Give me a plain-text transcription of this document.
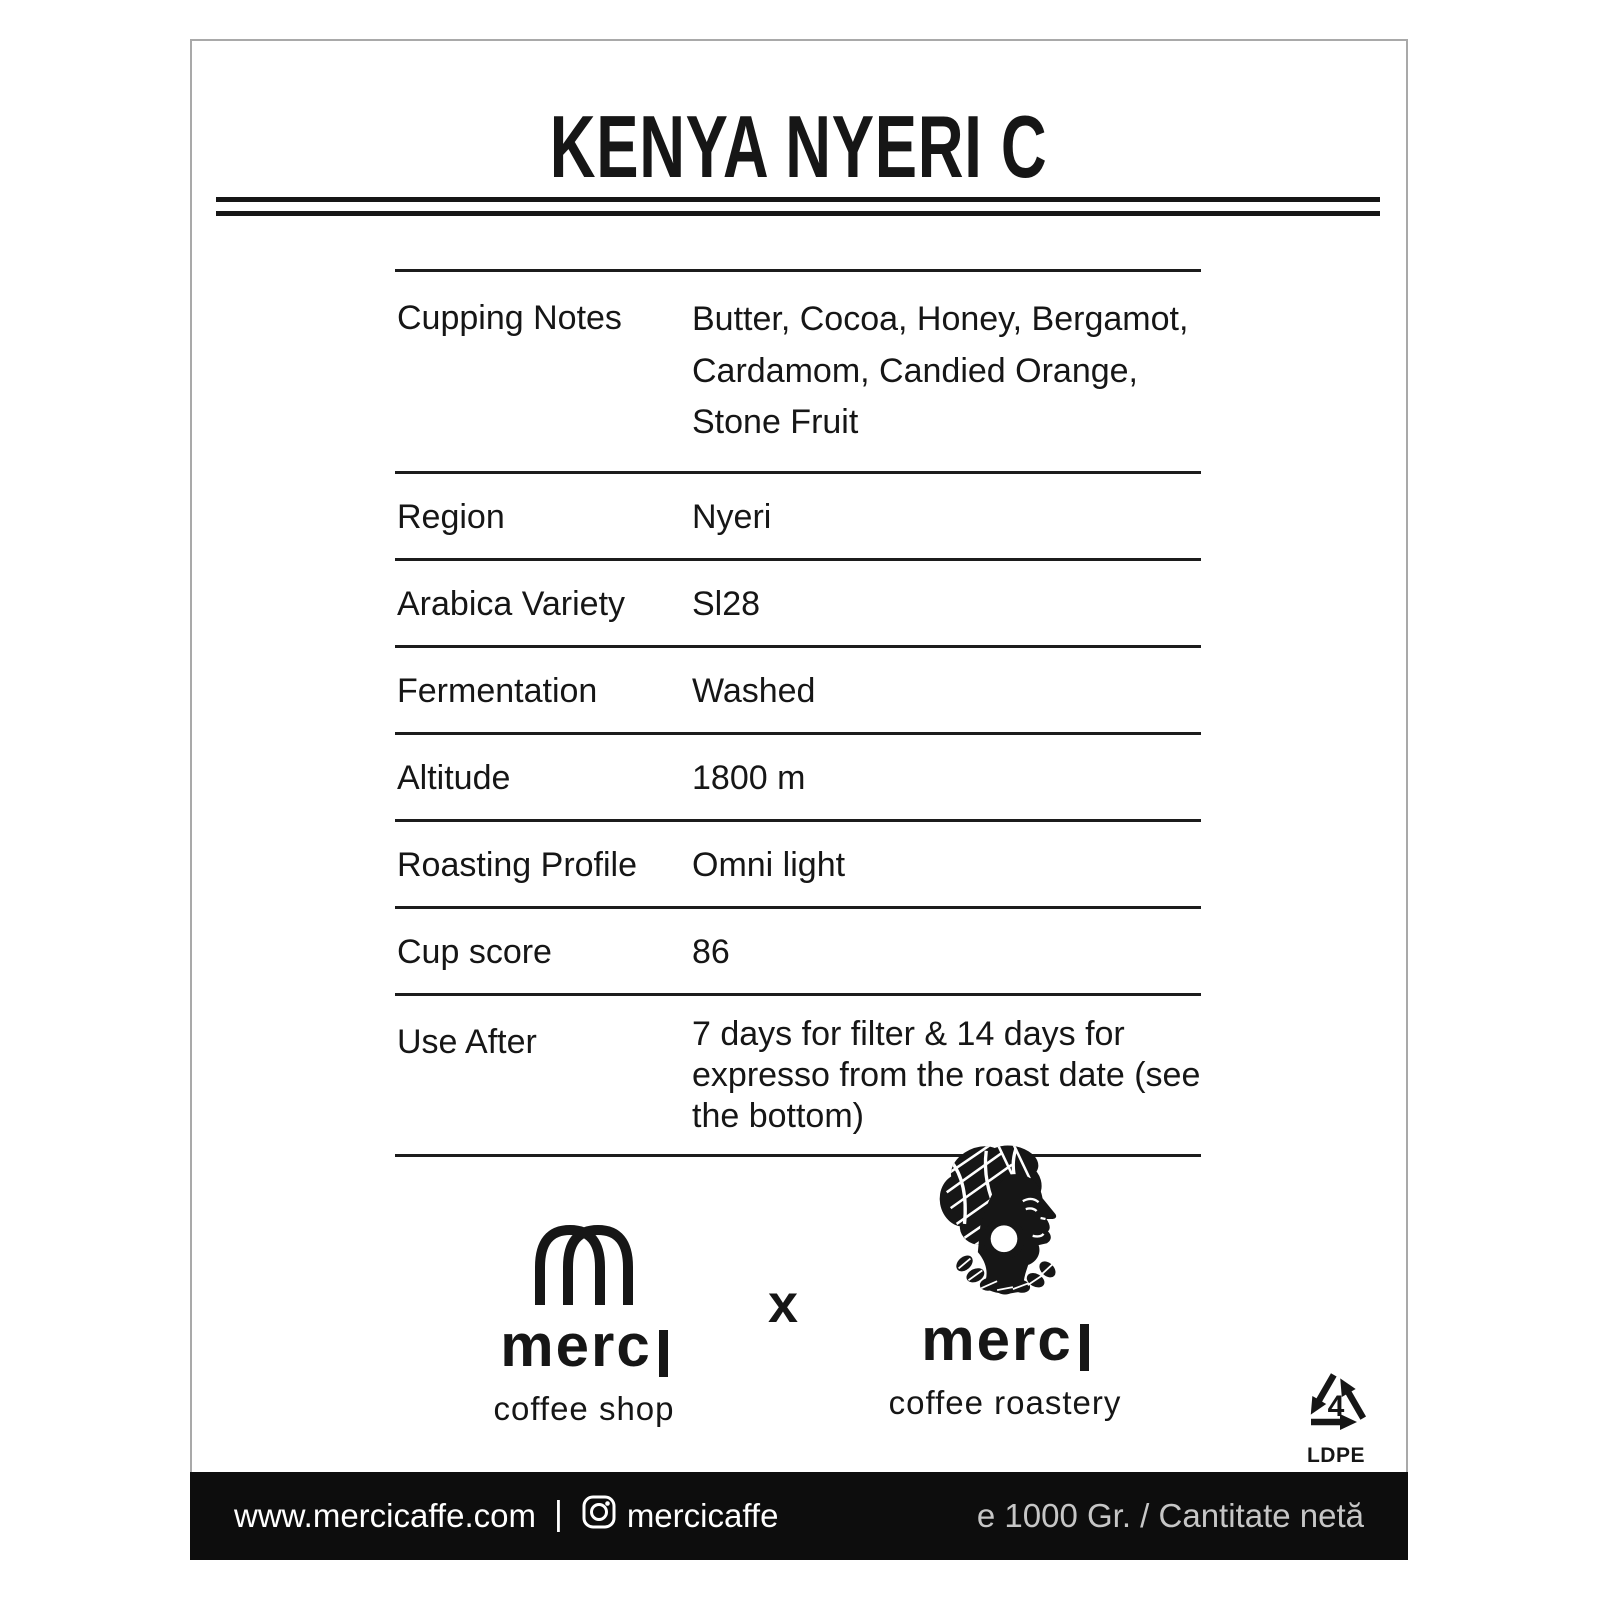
KENYA NYERI C
Cupping Notes	Butter, Cocoa, Honey, Bergamot, Cardamom, Candied Orange, Stone Fruit
Region	Nyeri
Arabica Variety	Sl28
Fermentation	Washed
Altitude	1800 m
Roasting Profile	Omni light
Cup score	86
Use After	7 days for filter & 14 days for expresso from the roast date (see the bottom)
merc
coffee shop
x
merc
coffee roastery	4
LDPE
www.mercicaffe.com | mercicaffe	e 1000 Gr. / Cantitate netă
